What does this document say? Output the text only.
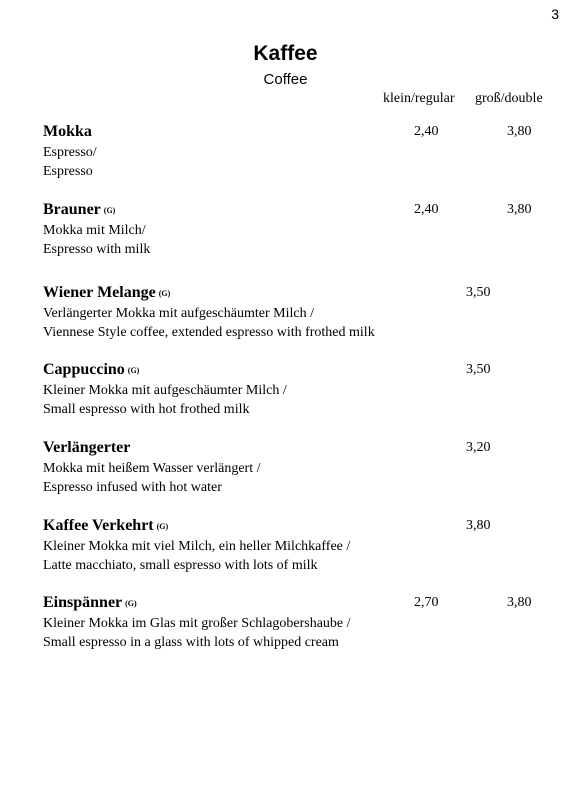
3
Kaffee
Coffee
klein/regular groß/double
Mokka
Espresso/
Espresso
2,40	3,80
Brauner (G)
Mokka mit Milch/
Espresso with milk
2,40	3,80
Wiener Melange (G)
Verlängerter Mokka mit aufgeschäumter Milch /
Viennese Style coffee, extended espresso with frothed milk
3,50
Cappuccino (G)
Kleiner Mokka mit aufgeschäumter Milch /
Small espresso with hot frothed milk
3,50
Verlängerter
Mokka mit heißem Wasser verlängert /
Espresso infused with hot water
3,20
Kaffee Verkehrt (G)
Kleiner Mokka mit viel Milch, ein heller Milchkaffee /
Latte macchiato, small espresso with lots of milk
3,80
Einspänner (G)
Kleiner Mokka im Glas mit großer Schlagobershaube /
Small espresso in a glass with lots of whipped cream
2,70	3,80
